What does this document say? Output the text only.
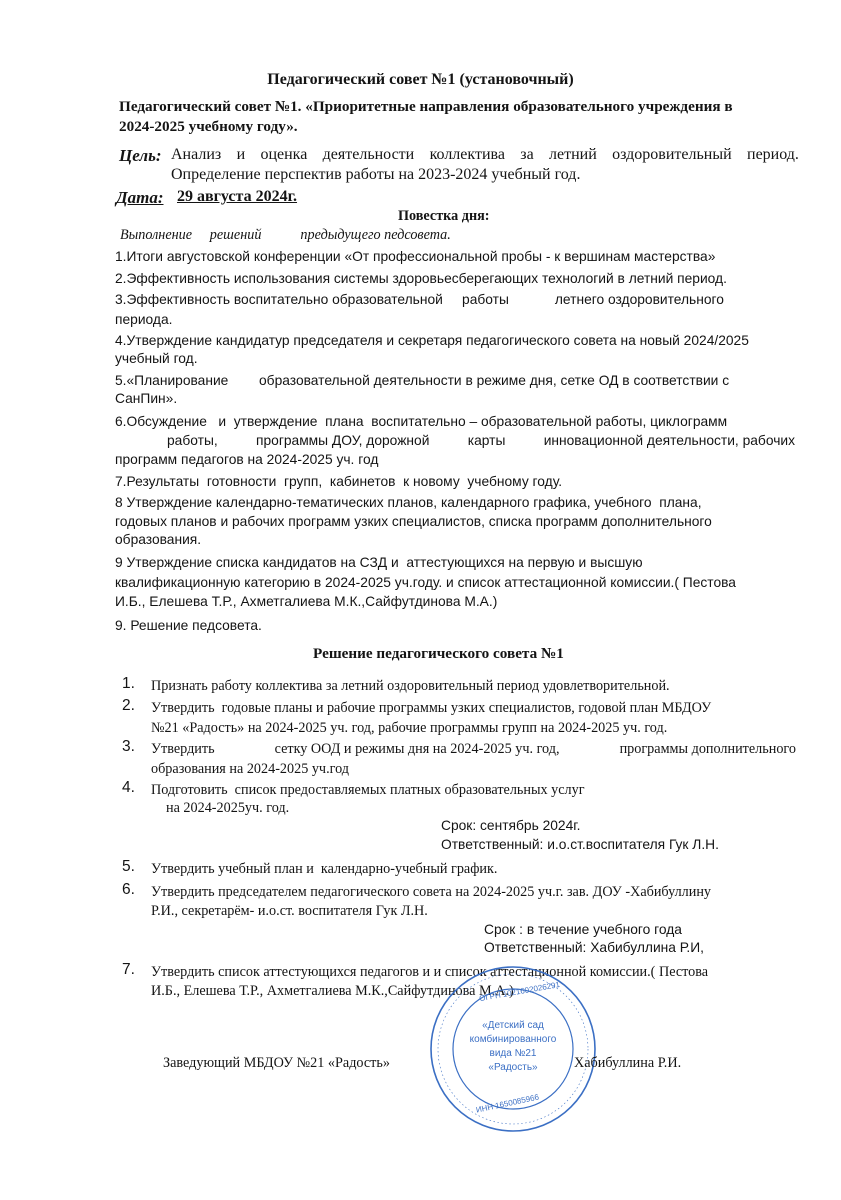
Педагогический совет №1 (установочный)
Педагогический совет №1. «Приоритетные направления образовательного учреждения в
2024-2025 учебному году».
Цель: Анализ и оценка деятельности коллектива за летний оздоровительный период.
Определение перспектив работы на 2023-2024 учебный год.
Дата: 29 августа 2024г.
Повестка дня:
Выполнение     решений           предыдущего педсовета.
1.Итоги августовской конференции «От профессиональной пробы - к вершинам мастерства»
2.Эффективность использования системы здоровьесберегающих технологий в летний период.
3.Эффективность воспитательно образовательной     работы            летнего оздоровительного
периода.
4.Утверждение кандидатур председателя и секретаря педагогического совета на новый 2024/2025
учебный год.
5.«Планирование        образовательной деятельности в режиме дня, сетке ОД в соответствии с
СанПин».
6.Обсуждение   и  утверждение  плана  воспитательно – образовательной работы, циклограмм
работы,	программы ДОУ, дорожной	карты	инновационной деятельности, рабочих
программ педагогов на 2024-2025 уч. год
7.Результаты  готовности  групп,  кабинетов  к новому  учебному году.
8 Утверждение календарно-тематических планов, календарного графика, учебного  плана,
годовых планов и рабочих программ узких специалистов, списка программ дополнительного
образования.
9 Утверждение списка кандидатов на СЗД и  аттестующихся на первую и высшую
квалификационную категорию в 2024-2025 уч.году. и список аттестационной комиссии.( Пестова
И.Б., Елешева Т.Р., Ахметгалиева М.К.,Сайфутдинова М.А.)
9. Решение педсовета.
Решение педагогического совета №1
1. Признать работу коллектива за летний оздоровительный период удовлетворительной.
2. Утвердить  годовые планы и рабочие программы узких специалистов, годовой план МБДОУ
№21 «Радость» на 2024-2025 уч. год, рабочие программы групп на 2024-2025 уч. год.
3. Утвердить	сетку ООД и режимы дня на 2024-2025 уч. год,	программы дополнительного
образования на 2024-2025 уч.год
4. Подготовить  список предоставляемых платных образовательных услуг
на 2024-2025уч. год.
Срок: сентябрь 2024г.
Ответственный: и.о.ст.воспитателя Гук Л.Н.
5. Утвердить учебный план и  календарно-учебный график.
6. Утвердить председателем педагогического совета на 2024-2025 уч.г. зав. ДОУ -Хабибуллину
Р.И., секретарём- и.о.ст. воспитателя Гук Л.Н.
Срок : в течение учебного года
Ответственный: Хабибуллина Р.И,
7. Утвердить список аттестующихся педагогов и и список аттестационной комиссии.( Пестова
И.Б., Елешева Т.Р., Ахметгалиева М.К.,Сайфутдинова М.А.)
Заведующий МБДОУ №21 «Радость»
«Детский сад
комбинированного
вида №21
«Радость»
ОГРН 1021602026291
ИНН 1650085966
Хабибуллина Р.И.
